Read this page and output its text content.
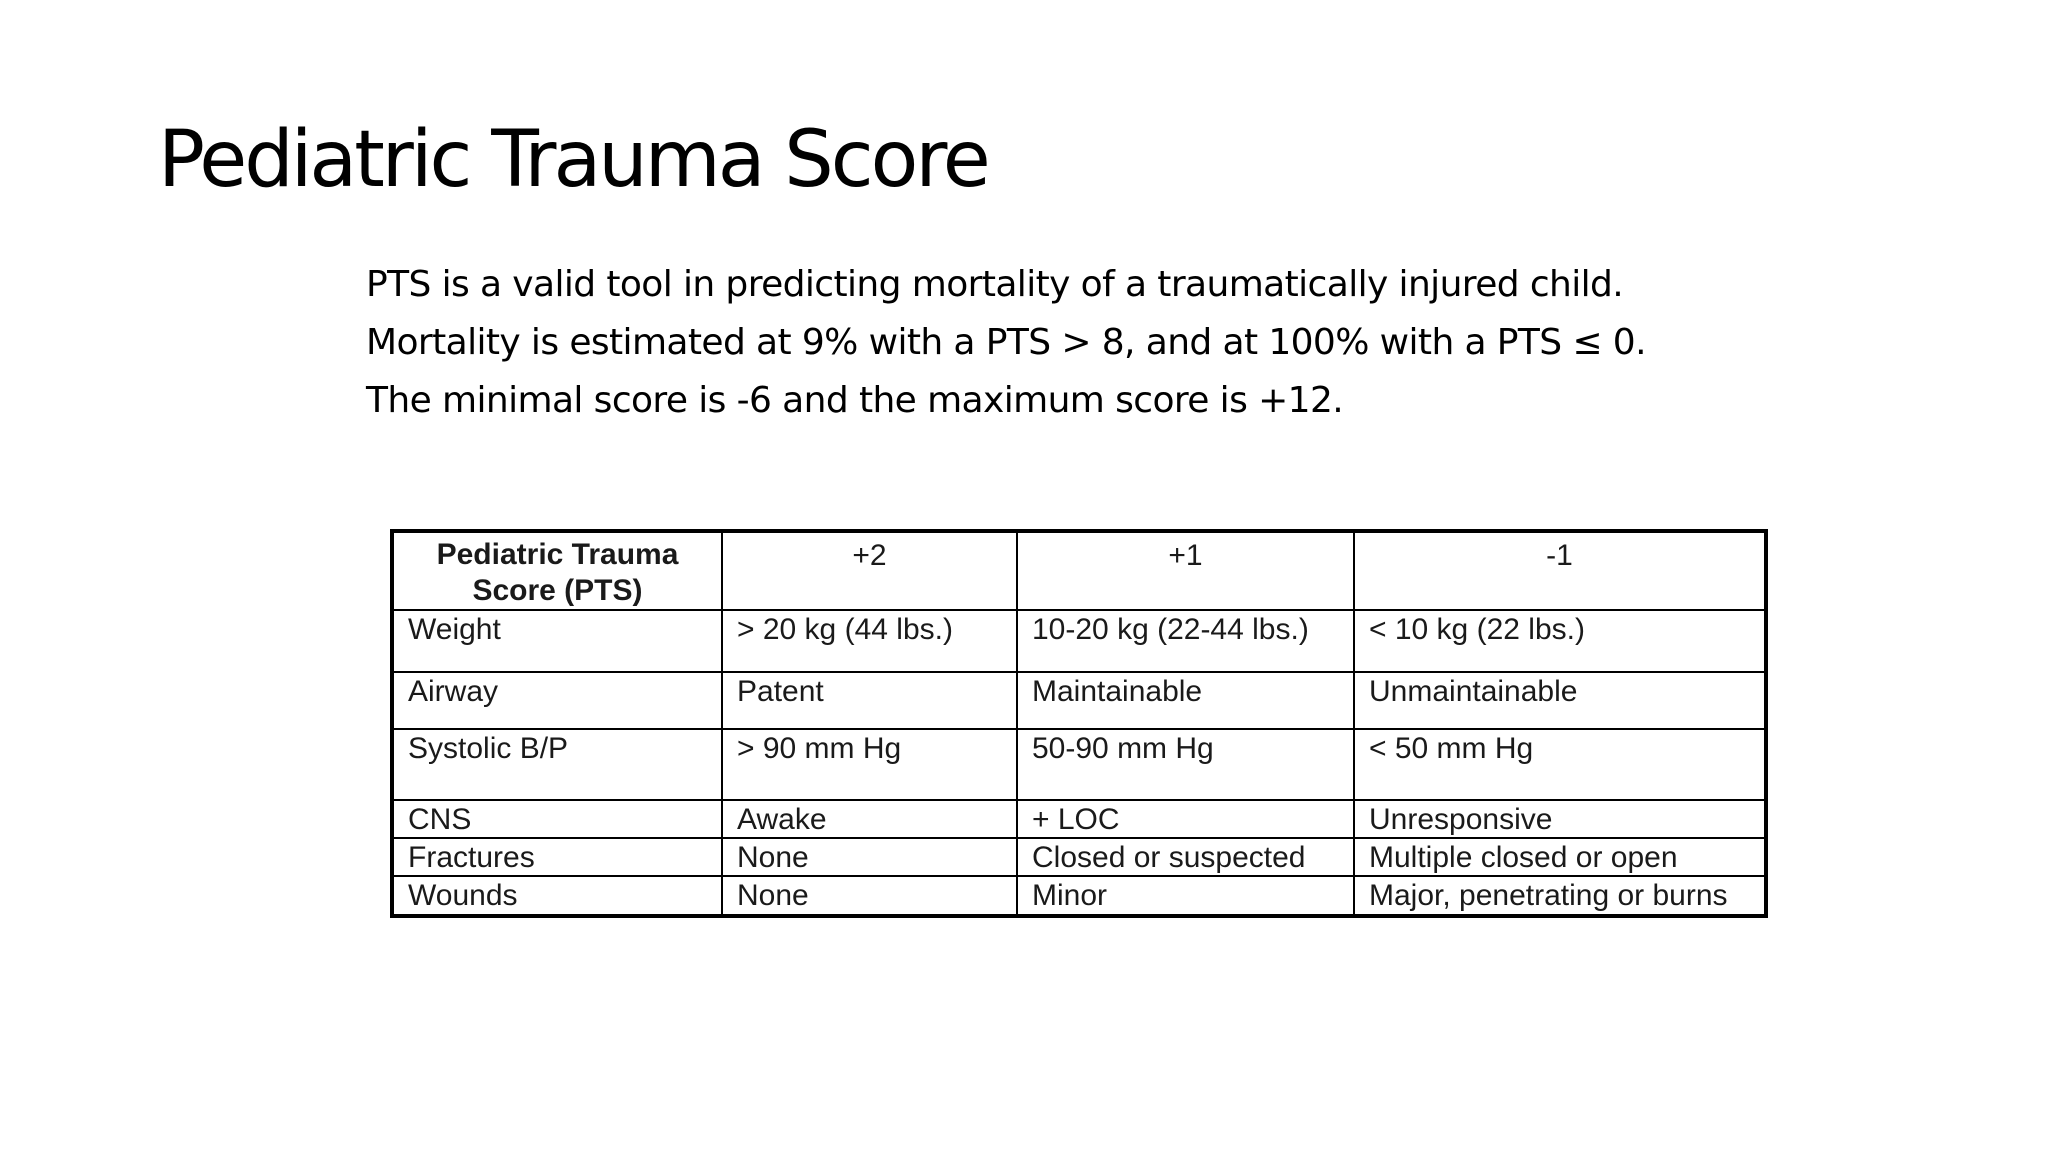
Pediatric Trauma Score
PTS is a valid tool in predicting mortality of a traumatically injured child.
Mortality is estimated at 9% with a PTS > 8, and at 100% with a PTS ≤ 0.
The minimal score is -6 and the maximum score is +12.
Pediatric Trauma Score (PTS)	+2	+1	-1
Weight	> 20 kg (44 lbs.)	10-20 kg (22-44 lbs.)	< 10 kg (22 lbs.)
Airway	Patent	Maintainable	Unmaintainable
Systolic B/P	> 90 mm Hg	50-90 mm Hg	< 50 mm Hg
CNS	Awake	+ LOC	Unresponsive
Fractures	None	Closed or suspected	Multiple closed or open
Wounds	None	Minor	Major, penetrating or burns
